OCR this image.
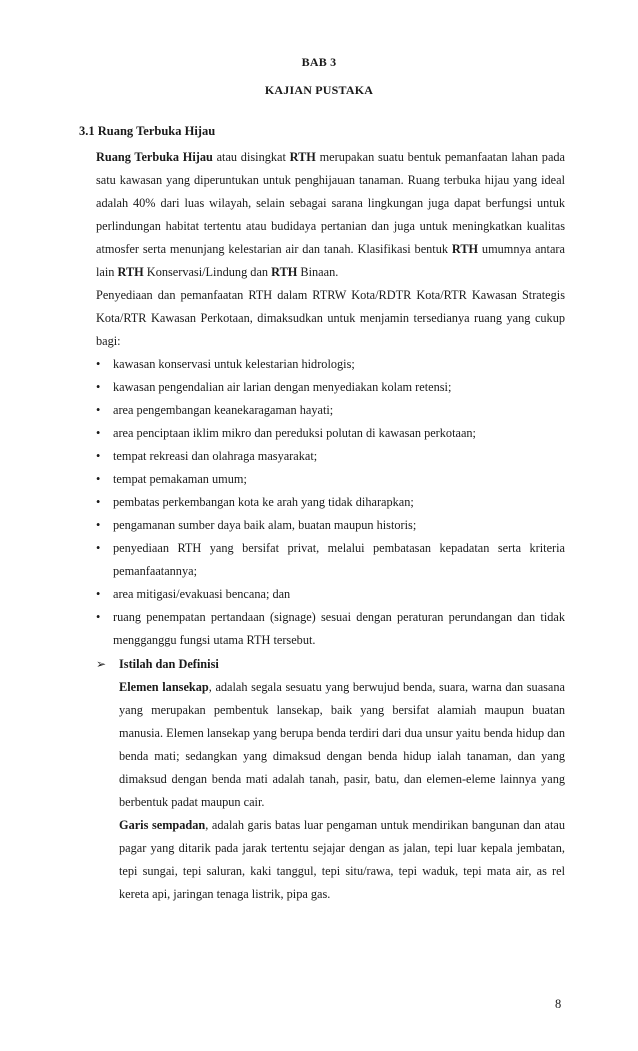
BAB 3
KAJIAN PUSTAKA
3.1 Ruang Terbuka Hijau

Ruang Terbuka Hijau atau disingkat RTH merupakan suatu bentuk pemanfaatan lahan pada satu kawasan yang diperuntukan untuk penghijauan tanaman. Ruang terbuka hijau yang ideal adalah 40% dari luas wilayah, selain sebagai sarana lingkungan juga dapat berfungsi untuk perlindungan habitat tertentu atau budidaya pertanian dan juga untuk meningkatkan kualitas atmosfer serta menunjang kelestarian air dan tanah. Klasifikasi bentuk RTH umumnya antara lain RTH Konservasi/Lindung dan RTH Binaan.

Penyediaan dan pemanfaatan RTH dalam RTRW Kota/RDTR Kota/RTR Kawasan Strategis Kota/RTR Kawasan Perkotaan, dimaksudkan untuk menjamin tersedianya ruang yang cukup bagi:

• kawasan konservasi untuk kelestarian hidrologis;

• kawasan pengendalian air larian dengan menyediakan kolam retensi;

• area pengembangan keanekaragaman hayati;

• area penciptaan iklim mikro dan pereduksi polutan di kawasan perkotaan;

• tempat rekreasi dan olahraga masyarakat;

• tempat pemakaman umum;

• pembatas perkembangan kota ke arah yang tidak diharapkan;

• pengamanan sumber daya baik alam, buatan maupun historis;

• penyediaan RTH yang bersifat privat, melalui pembatasan kepadatan serta kriteria pemanfaatannya;

• area mitigasi/evakuasi bencana; dan

• ruang penempatan pertandaan (signage) sesuai dengan peraturan perundangan dan tidak mengganggu fungsi utama RTH tersebut.

➢ Istilah dan Definisi

Elemen lansekap, adalah segala sesuatu yang berwujud benda, suara, warna dan suasana yang merupakan pembentuk lansekap, baik yang bersifat alamiah maupun buatan manusia. Elemen lansekap yang berupa benda terdiri dari dua unsur yaitu benda hidup dan benda mati; sedangkan yang dimaksud dengan benda hidup ialah tanaman, dan yang dimaksud dengan benda mati adalah tanah, pasir, batu, dan elemen-eleme lainnya yang berbentuk padat maupun cair.

Garis sempadan, adalah garis batas luar pengaman untuk mendirikan bangunan dan atau pagar yang ditarik pada jarak tertentu sejajar dengan as jalan, tepi luar kepala jembatan, tepi sungai, tepi saluran, kaki tanggul, tepi situ/rawa, tepi waduk, tepi mata air, as rel kereta api, jaringan tenaga listrik, pipa gas.

8
